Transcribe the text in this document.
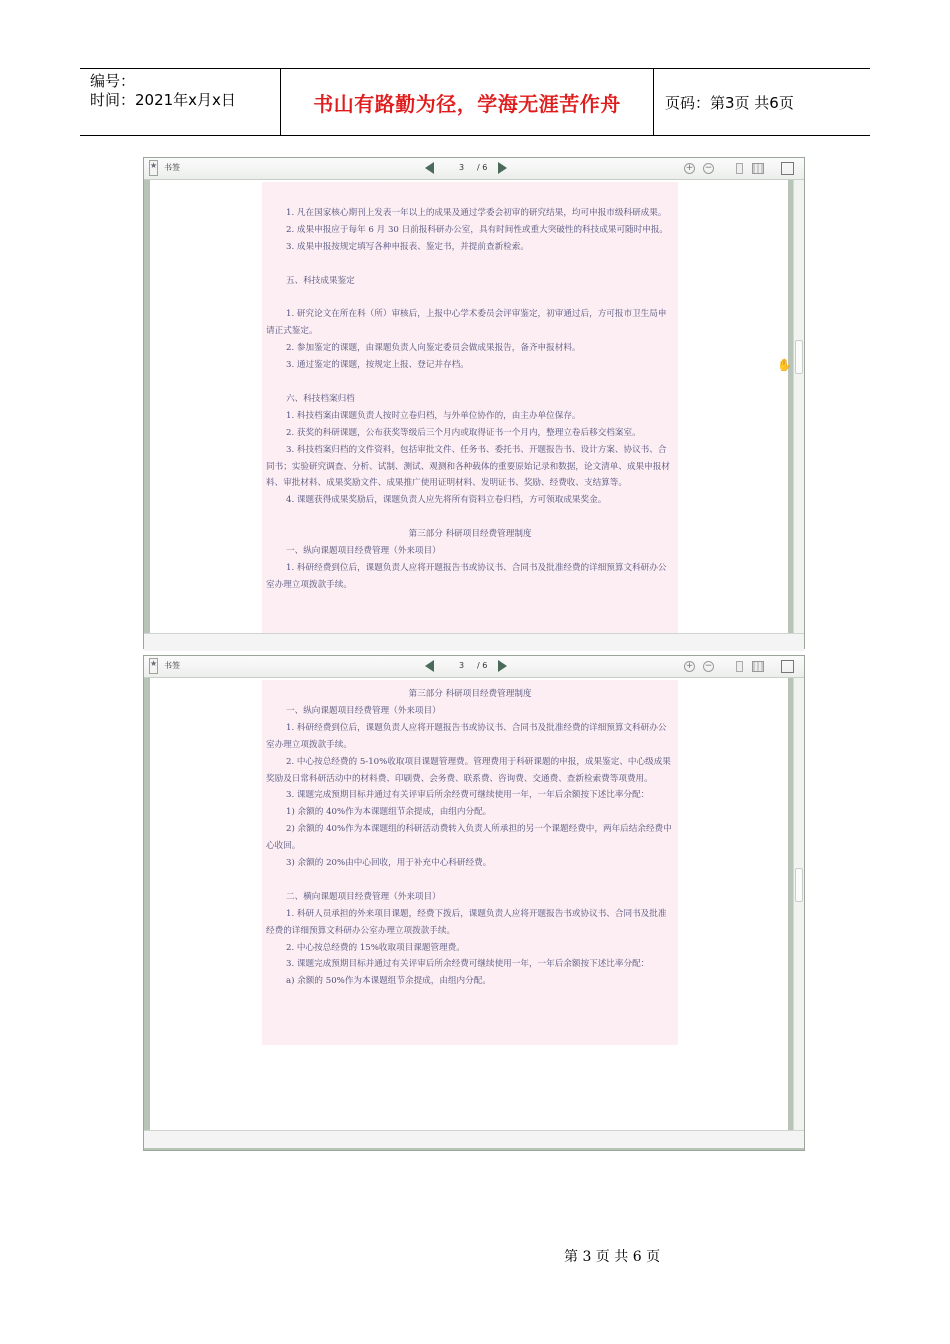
编号：
时间：2021年x月x日	书山有路勤为径，学海无涯苦作舟	页码：第3页 共6页
★ 书签	3 / 6	+ −

1. 凡在国家核心期刊上发表一年以上的成果及通过学委会初审的研究结果，均可申报市级科研成果。

2. 成果申报应于每年 6 月 30 日前报科研办公室，具有时间性或重大突破性的科技成果可随时申报。

3. 成果申报按规定填写各种申报表、鉴定书，并提前查新检索。

五、科技成果鉴定

1. 研究论文在所在科（所）审核后，上报中心学术委员会评审鉴定，初审通过后，方可报市卫生局申请正式鉴定。

2. 参加鉴定的课题，由课题负责人向鉴定委员会做成果报告，备齐申报材料。

3. 通过鉴定的课题，按规定上报、登记并存档。

六、科技档案归档

1. 科技档案由课题负责人按时立卷归档，与外单位协作的，由主办单位保存。

2. 获奖的科研课题，公布获奖等级后三个月内或取得证书一个月内，整理立卷后移交档案室。

3. 科技档案归档的文件资料，包括审批文件、任务书、委托书、开题报告书、设计方案、协议书、合同书；实验研究调查、分析、试制、测试、观测和各种载体的重要原始记录和数据，论文清单、成果申报材料、审批材料、成果奖励文件、成果推广使用证明材料、发明证书、奖励、经费收、支结算等。

4. 课题获得成果奖励后，课题负责人应先将所有资料立卷归档，方可领取成果奖金。

第三部分 科研项目经费管理制度

一、纵向课题项目经费管理（外来项目）

1. 科研经费到位后，课题负责人应将开题报告书或协议书、合同书及批准经费的详细预算文科研办公室办理立项拨款手续。

✋
★ 书签	3 / 6	+ −

第三部分 科研项目经费管理制度

一、纵向课题项目经费管理（外来项目）

1. 科研经费到位后，课题负责人应将开题报告书或协议书、合同书及批准经费的详细预算文科研办公室办理立项拨款手续。

2. 中心按总经费的 5-10%收取项目课题管理费。管理费用于科研课题的申报，成果鉴定、中心级成果奖励及日常科研活动中的材料费、印刷费、会务费、联系费、咨询费、交通费、查新检索费等项费用。

3. 课题完成预期目标并通过有关评审后所余经费可继续使用一年，一年后余额按下述比率分配：

1) 余额的 40%作为本课题组节余提成，由组内分配。

2) 余额的 40%作为本课题组的科研活动费转入负责人所承担的另一个课题经费中，两年后结余经费中心收回。

3) 余额的 20%由中心回收，用于补充中心科研经费。

二、横向课题项目经费管理（外来项目）

1. 科研人员承担的外来项目课题，经费下拨后，课题负责人应将开题报告书或协议书、合同书及批准经费的详细预算文科研办公室办理立项拨款手续。

2. 中心按总经费的 15%收取项目课题管理费。

3. 课题完成预期目标并通过有关评审后所余经费可继续使用一年，一年后余额按下述比率分配：

a) 余额的 50%作为本课题组节余提成，由组内分配。

第 3 页 共 6 页
